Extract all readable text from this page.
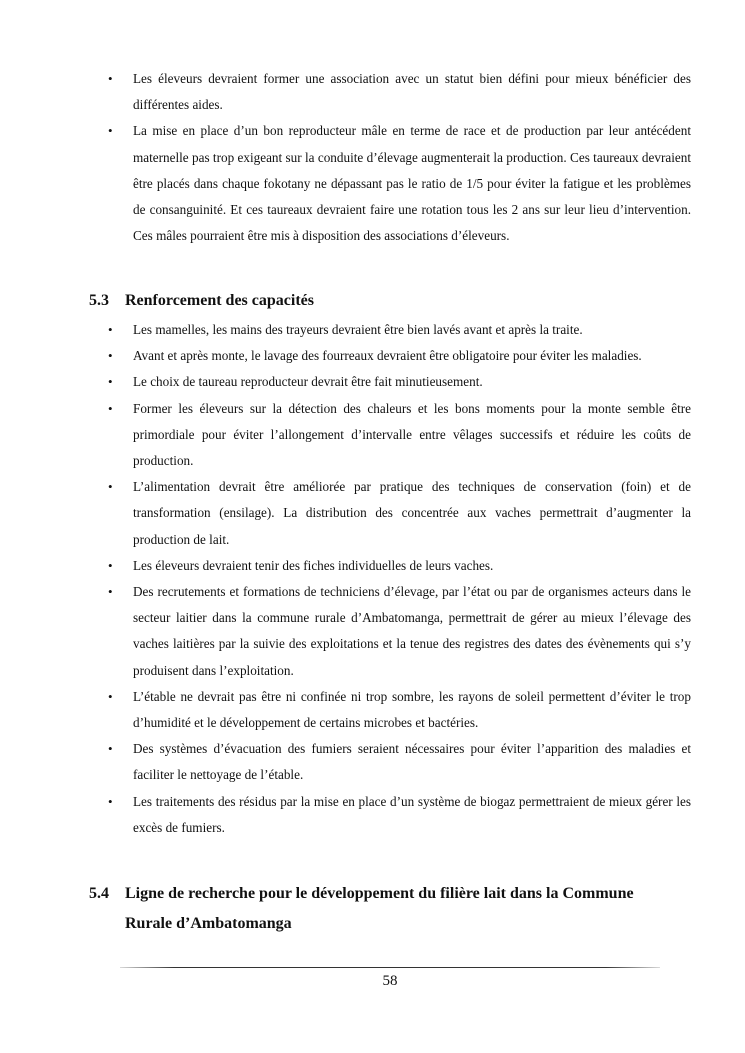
• Les éleveurs devraient former une association avec un statut bien défini pour mieux bénéficier des différentes aides.
• La mise en place d’un bon reproducteur mâle en terme de race et de production par leur antécédent maternelle pas trop exigeant sur la conduite d’élevage augmenterait la production. Ces taureaux devraient être placés dans chaque fokotany ne dépassant pas le ratio de 1/5 pour éviter la fatigue et les problèmes de consanguinité. Et ces taureaux devraient faire une rotation tous les 2 ans sur leur lieu d’intervention. Ces mâles pourraient être mis à disposition des associations d’éleveurs.
5.3 Renforcement des capacités
• Les mamelles, les mains des trayeurs devraient être bien lavés avant et après la traite.
• Avant et après monte, le lavage des fourreaux devraient être obligatoire pour éviter les maladies.
• Le choix de taureau reproducteur devrait être fait minutieusement.
• Former les éleveurs sur la détection des chaleurs et les bons moments pour la monte semble être primordiale pour éviter l’allongement d’intervalle entre vêlages successifs et réduire les coûts de production.
• L’alimentation devrait être améliorée par pratique des techniques de conservation (foin) et de transformation (ensilage). La distribution des concentrée aux vaches permettrait d’augmenter la production de lait.
• Les éleveurs devraient tenir des fiches individuelles de leurs vaches.
• Des recrutements et formations de techniciens d’élevage, par l’état ou par de organismes acteurs dans le secteur laitier dans la commune rurale d’Ambatomanga, permettrait de gérer au mieux l’élevage des vaches laitières par la suivie des exploitations et la tenue des registres des dates des évènements qui s’y produisent dans l’exploitation.
• L’étable ne devrait pas être ni confinée ni trop sombre, les rayons de soleil permettent d’éviter le trop d’humidité et le développement de certains microbes et bactéries.
• Des systèmes d’évacuation des fumiers seraient nécessaires pour éviter l’apparition des maladies et faciliter le nettoyage de l’étable.
• Les traitements des résidus par la mise en place d’un système de biogaz permettraient de mieux gérer les excès de fumiers.
5.4 Ligne de recherche pour le développement du filière lait dans la Commune
Rurale d’Ambatomanga
58
